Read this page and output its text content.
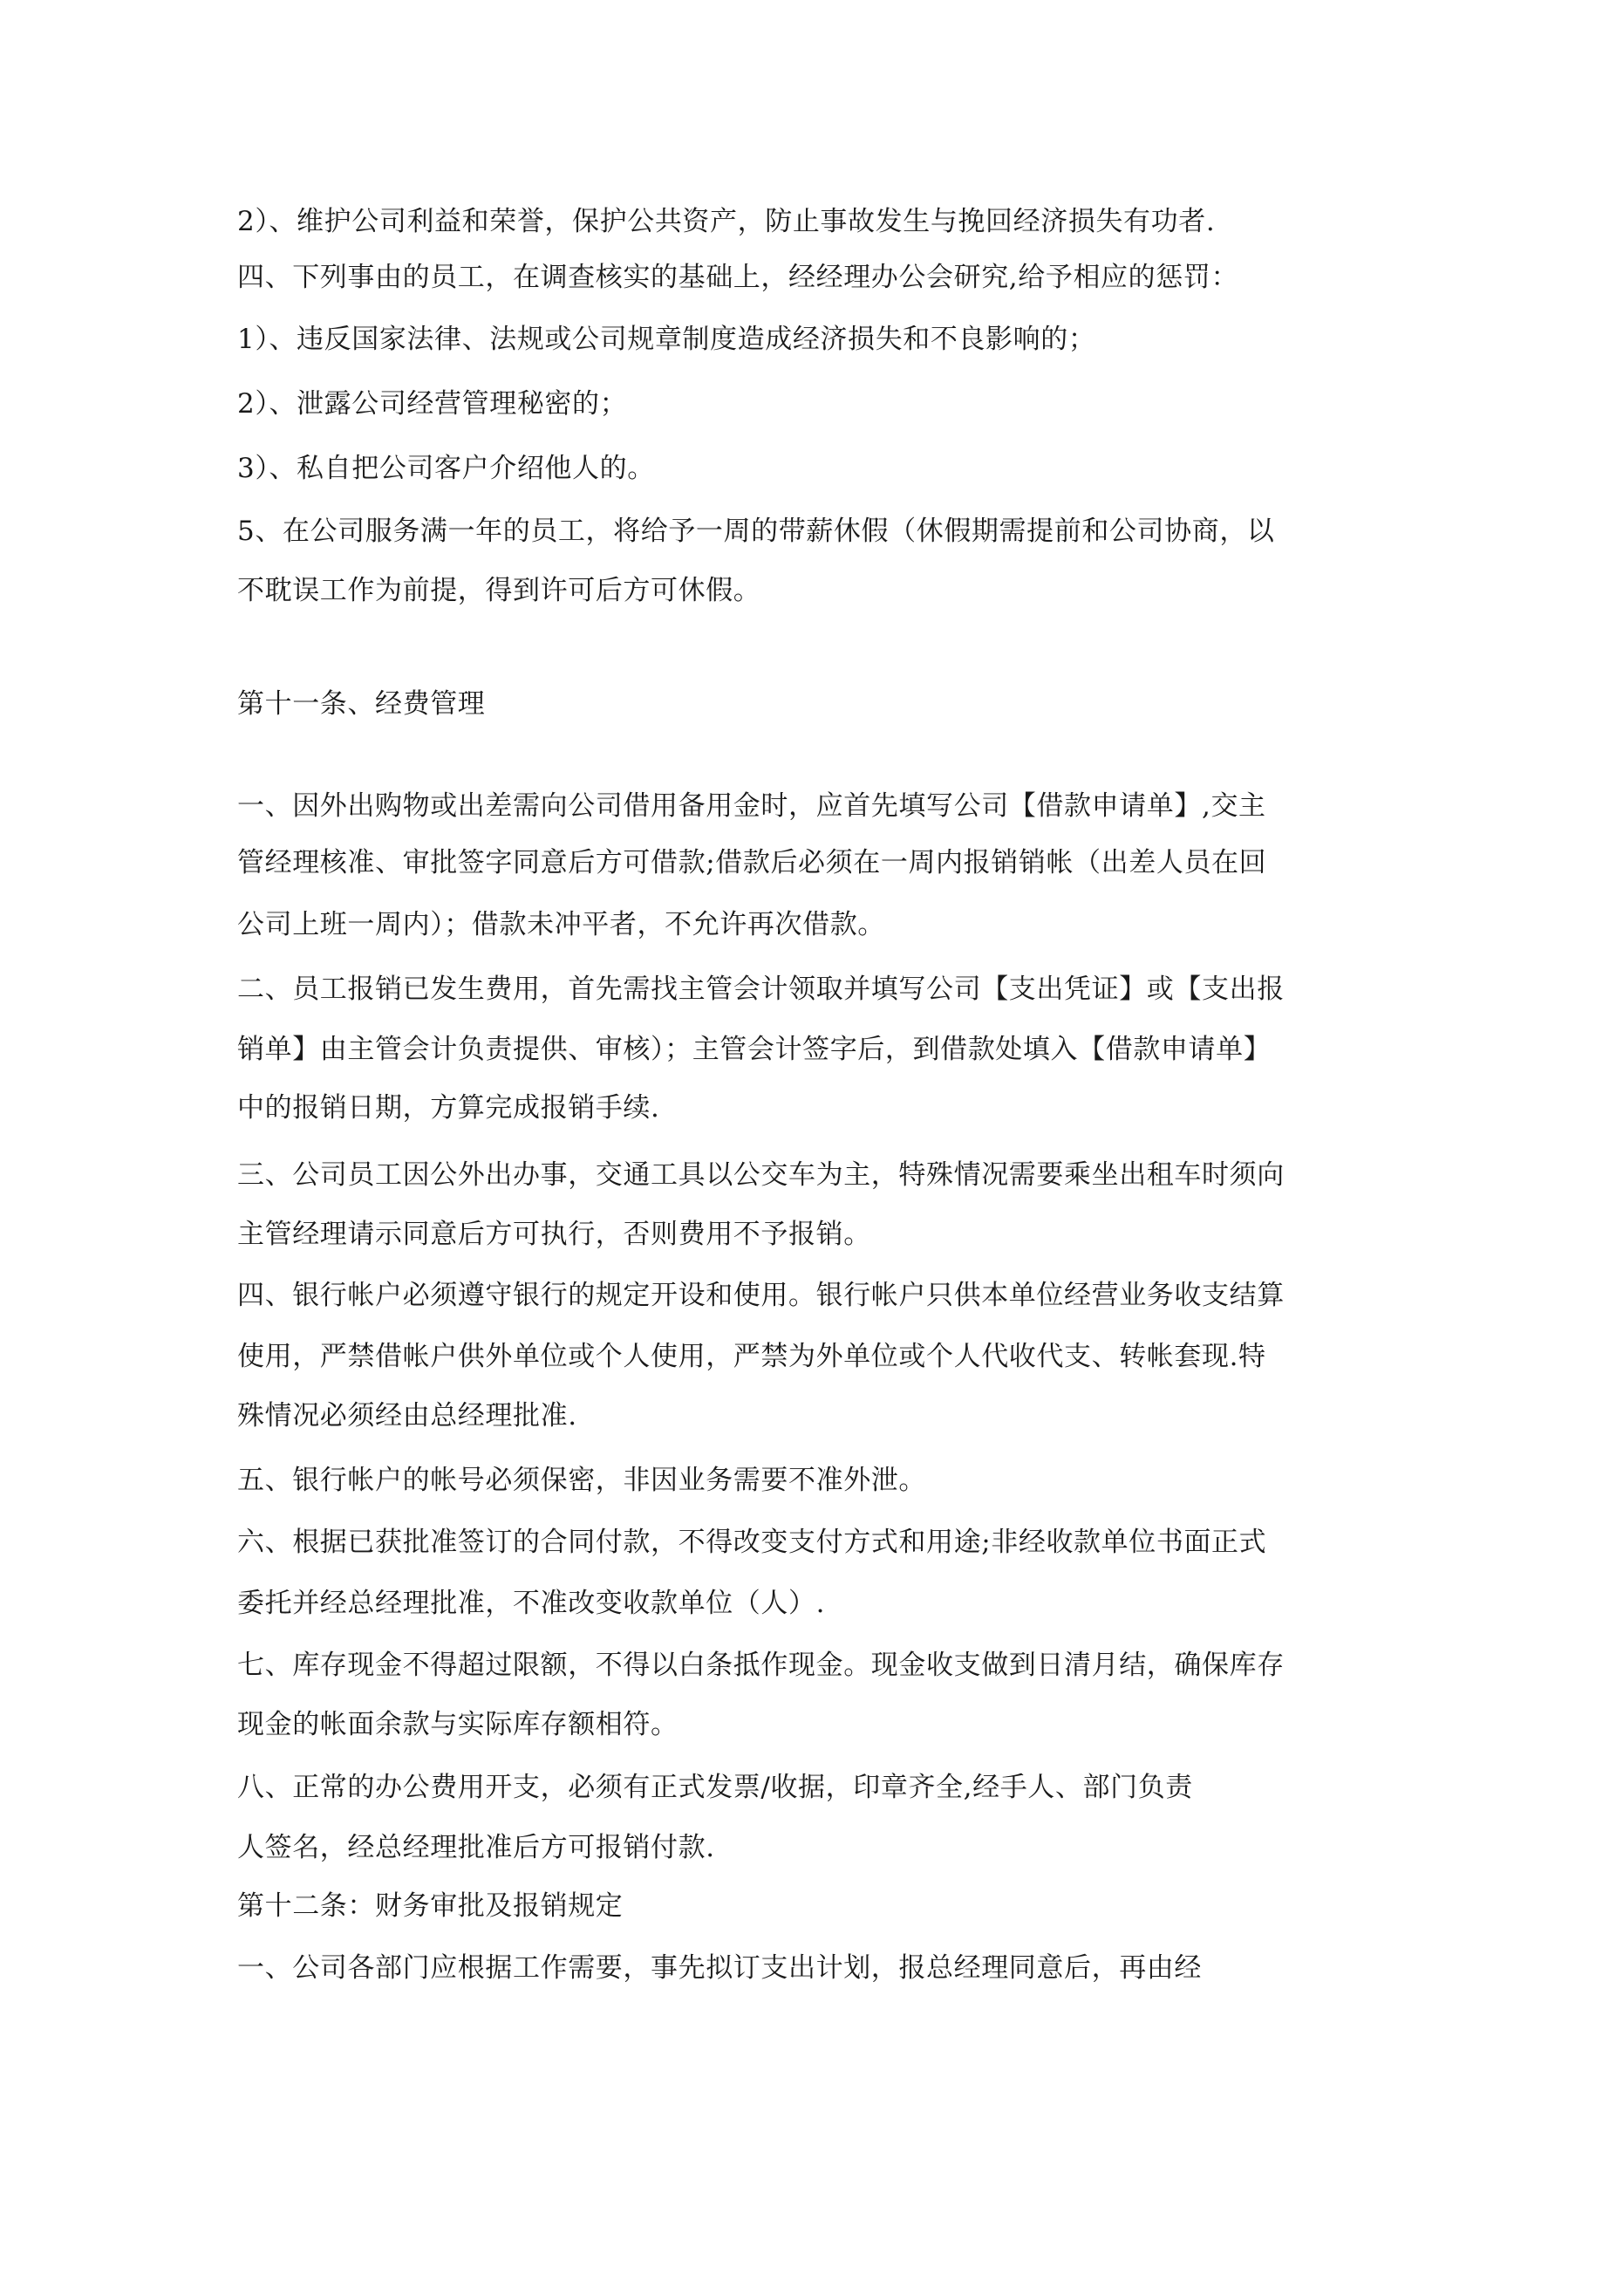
2）、维护公司利益和荣誉，保护公共资产，防止事故发生与挽回经济损失有功者.
四、下列事由的员工，在调查核实的基础上，经经理办公会研究,给予相应的惩罚：
1）、违反国家法律、法规或公司规章制度造成经济损失和不良影响的；
2）、泄露公司经营管理秘密的；
3）、私自把公司客户介绍他人的。
5、在公司服务满一年的员工，将给予一周的带薪休假（休假期需提前和公司协商，以
不耽误工作为前提，得到许可后方可休假。
第十一条、经费管理
一、因外出购物或出差需向公司借用备用金时，应首先填写公司【借款申请单】,交主
管经理核准、审批签字同意后方可借款;借款后必须在一周内报销销帐（出差人员在回
公司上班一周内）；借款未冲平者，不允许再次借款。
二、员工报销已发生费用，首先需找主管会计领取并填写公司【支出凭证】或【支出报
销单】由主管会计负责提供、审核）；主管会计签字后，到借款处填入【借款申请单】
中的报销日期，方算完成报销手续.
三、公司员工因公外出办事，交通工具以公交车为主，特殊情况需要乘坐出租车时须向
主管经理请示同意后方可执行，否则费用不予报销。
四、银行帐户必须遵守银行的规定开设和使用。银行帐户只供本单位经营业务收支结算
使用，严禁借帐户供外单位或个人使用，严禁为外单位或个人代收代支、转帐套现.特
殊情况必须经由总经理批准.
五、银行帐户的帐号必须保密，非因业务需要不准外泄。
六、根据已获批准签订的合同付款，不得改变支付方式和用途;非经收款单位书面正式
委托并经总经理批准，不准改变收款单位（人）.
七、库存现金不得超过限额，不得以白条抵作现金。现金收支做到日清月结，确保库存
现金的帐面余款与实际库存额相符。
八、正常的办公费用开支，必须有正式发票/收据，印章齐全,经手人、部门负责
人签名，经总经理批准后方可报销付款.
第十二条：财务审批及报销规定
一、公司各部门应根据工作需要，事先拟订支出计划，报总经理同意后，再由经
